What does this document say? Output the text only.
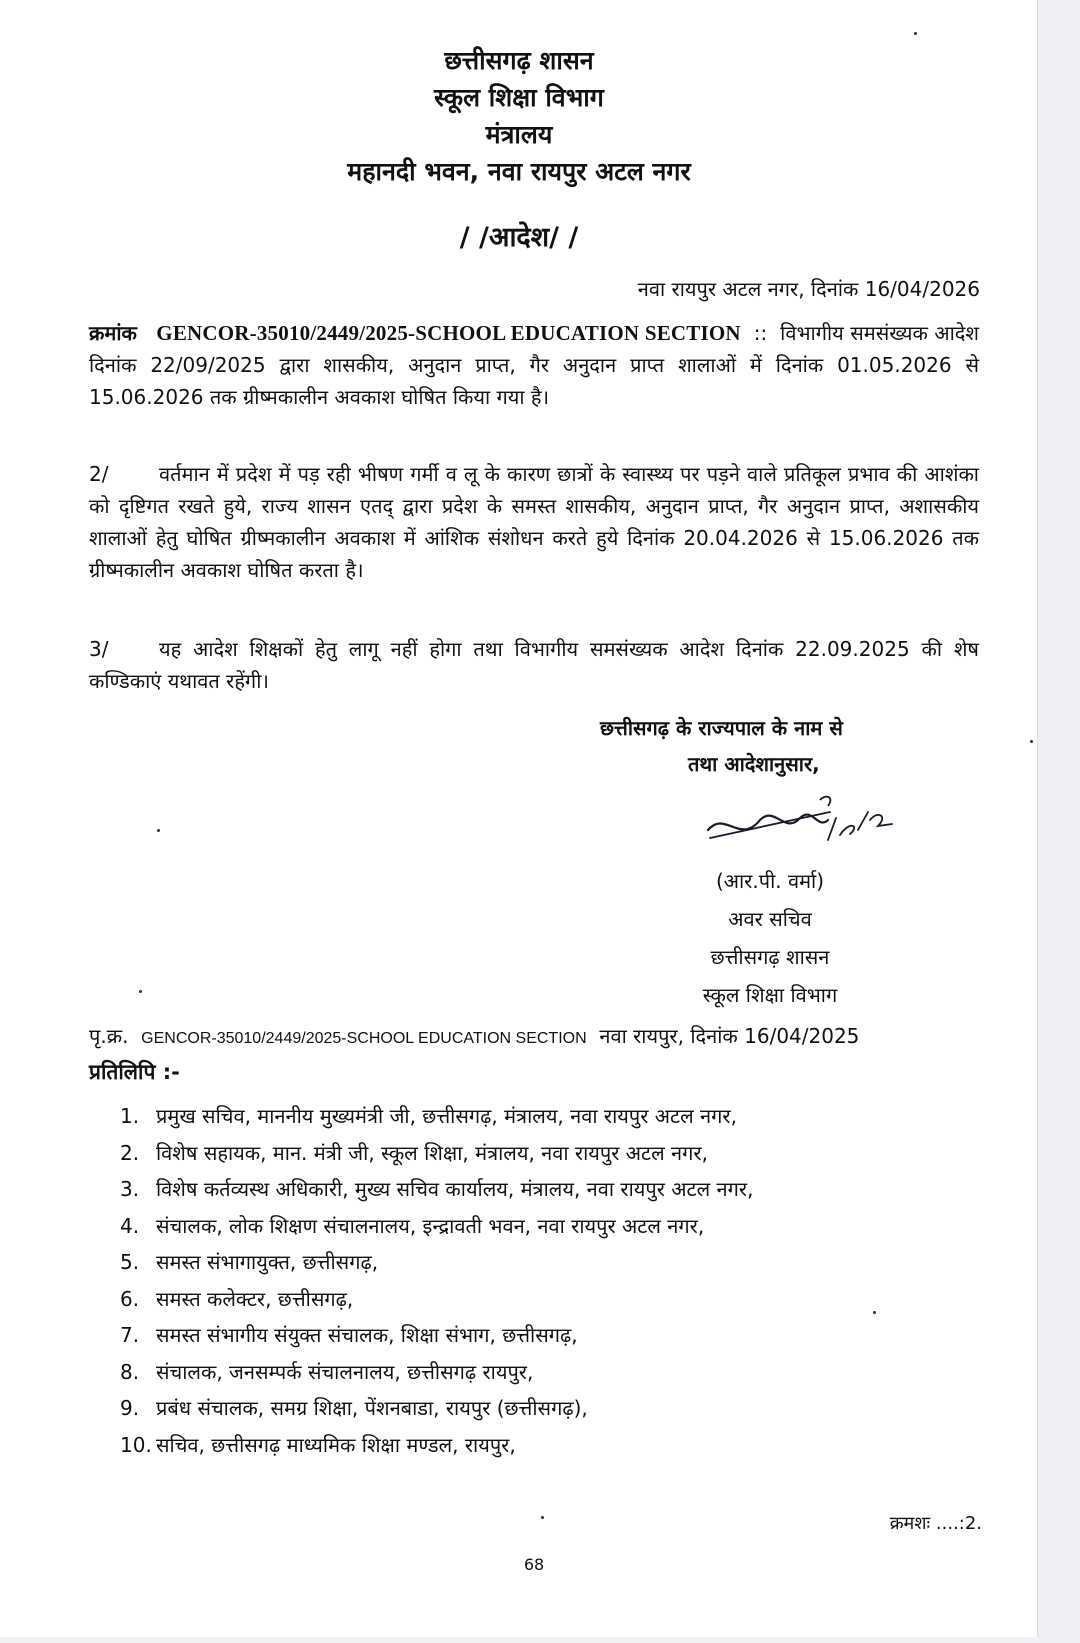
छत्तीसगढ़ शासन
स्कूल शिक्षा विभाग
मंत्रालय
महानदी भवन, नवा रायपुर अटल नगर
/ /आदेश/ /
नवा रायपुर अटल नगर, दिनांक 16/04/2026
क्रमांक GENCOR-35010/2449/2025-SCHOOL EDUCATION SECTION :: विभागीय समसंख्यक आदेश दिनांक 22/09/2025 द्वारा शासकीय, अनुदान प्राप्त, गैर अनुदान प्राप्त शालाओं में दिनांक 01.05.2026 से 15.06.2026 तक ग्रीष्मकालीन अवकाश घोषित किया गया है।
2/	वर्तमान में प्रदेश में पड़ रही भीषण गर्मी व लू के कारण छात्रों के स्वास्थ्य पर पड़ने वाले प्रतिकूल प्रभाव की आशंका को दृष्टिगत रखते हुये, राज्य शासन एतद् द्वारा प्रदेश के समस्त शासकीय, अनुदान प्राप्त, गैर अनुदान प्राप्त, अशासकीय शालाओं हेतु घोषित ग्रीष्मकालीन अवकाश में आंशिक संशोधन करते हुये दिनांक 20.04.2026 से 15.06.2026 तक ग्रीष्मकालीन अवकाश घोषित करता है।
3/	यह आदेश शिक्षकों हेतु लागू नहीं होगा तथा विभागीय समसंख्यक आदेश दिनांक 22.09.2025 की शेष कण्डिकाएं यथावत रहेंगी।
छत्तीसगढ़ के राज्यपाल के नाम से
तथा आदेशानुसार,
(आर.पी. वर्मा)
अवर सचिव
छत्तीसगढ़ शासन
स्कूल शिक्षा विभाग
पृ.क्र. GENCOR-35010/2449/2025-SCHOOL EDUCATION SECTION नवा रायपुर, दिनांक 16/04/2025
प्रतिलिपि :-
1. प्रमुख सचिव, माननीय मुख्यमंत्री जी, छत्तीसगढ़, मंत्रालय, नवा रायपुर अटल नगर,
2. विशेष सहायक, मान. मंत्री जी, स्कूल शिक्षा, मंत्रालय, नवा रायपुर अटल नगर,
3. विशेष कर्तव्यस्थ अधिकारी, मुख्य सचिव कार्यालय, मंत्रालय, नवा रायपुर अटल नगर,
4. संचालक, लोक शिक्षण संचालनालय, इन्द्रावती भवन, नवा रायपुर अटल नगर,
5. समस्त संभागायुक्त, छत्तीसगढ़,
6. समस्त कलेक्टर, छत्तीसगढ़,
7. समस्त संभागीय संयुक्त संचालक, शिक्षा संभाग, छत्तीसगढ़,
8. संचालक, जनसम्पर्क संचालनालय, छत्तीसगढ़ रायपुर,
9. प्रबंध संचालक, समग्र शिक्षा, पेंशनबाडा, रायपुर (छत्तीसगढ़),
10. सचिव, छत्तीसगढ़ माध्यमिक शिक्षा मण्डल, रायपुर,
क्रमशः ....:2.
68
